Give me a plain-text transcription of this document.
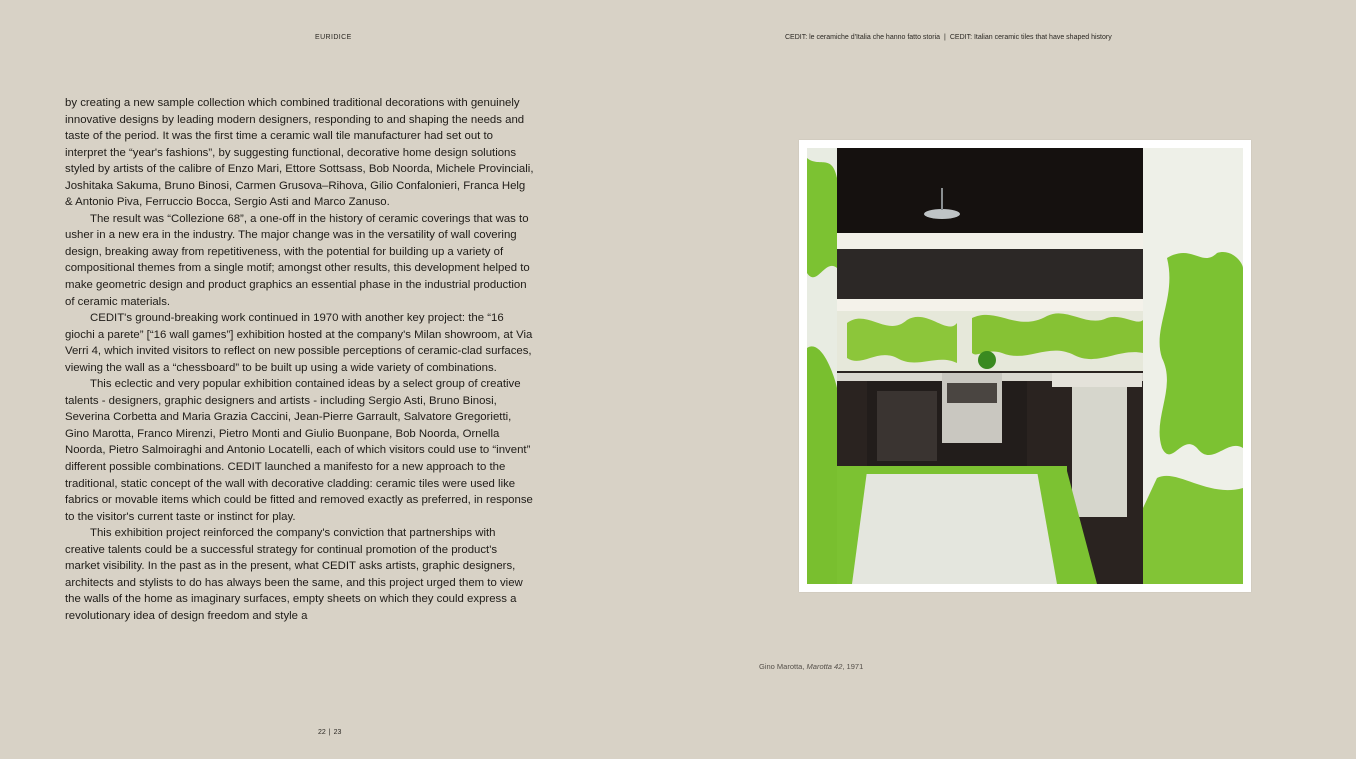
EURIDICE	CEDIT: le ceramiche d'Italia che hanno fatto storia | CEDIT: Italian ceramic tiles that have shaped history

by creating a new sample collection which combined traditional decorations with genuinely innovative designs by leading modern designers, responding to and shaping the needs and taste of the period. It was the first time a ceramic wall tile manufacturer had set out to interpret the “year's fashions”, by suggesting functional, decorative home design solutions styled by artists of the calibre of Enzo Mari, Ettore Sottsass, Bob Noorda, Michele Provinciali, Joshitaka Sakuma, Bruno Binosi, Carmen Grusova–Rihova, Gilio Confalonieri, Franca Helg & Antonio Piva, Ferruccio Bocca, Sergio Asti and Marco Zanuso.

The result was “Collezione 68”, a one-off in the history of ceramic coverings that was to usher in a new era in the industry. The major change was in the versatility of wall covering design, breaking away from repetitiveness, with the potential for building up a variety of compositional themes from a single motif; amongst other results, this development helped to make geometric design and product graphics an essential phase in the industrial production of ceramic materials.

CEDIT's ground-breaking work continued in 1970 with another key project: the “16 giochi a parete” [“16 wall games”] exhibition hosted at the company's Milan showroom, at Via Verri 4, which invited visitors to reflect on new possible perceptions of ceramic-clad surfaces, viewing the wall as a “chessboard” to be built up using a wide variety of combinations.

This eclectic and very popular exhibition contained ideas by a select group of creative talents - designers, graphic designers and artists - including Sergio Asti, Bruno Binosi, Severina Corbetta and Maria Grazia Caccini, Jean-Pierre Garrault, Salvatore Gregorietti, Gino Marotta, Franco Mirenzi, Pietro Monti and Giulio Buonpane, Bob Noorda, Ornella Noorda, Pietro Salmoiraghi and Antonio Locatelli, each of which visitors could use to “invent” different possible combinations. CEDIT launched a manifesto for a new approach to the traditional, static concept of the wall with decorative cladding: ceramic tiles were used like fabrics or movable items which could be fitted and removed exactly as preferred, in response to the visitor's current taste or instinct for play.

This exhibition project reinforced the company's conviction that partnerships with creative talents could be a successful strategy for continual promotion of the product's market visibility. In the past as in the present, what CEDIT asks artists, graphic designers, architects and stylists to do has always been the same, and this project urged them to view the walls of the home as imaginary surfaces, empty sheets on which they could express a revolutionary idea of design freedom and style a

22 | 23
Gino Marotta, Marotta 42, 1971
